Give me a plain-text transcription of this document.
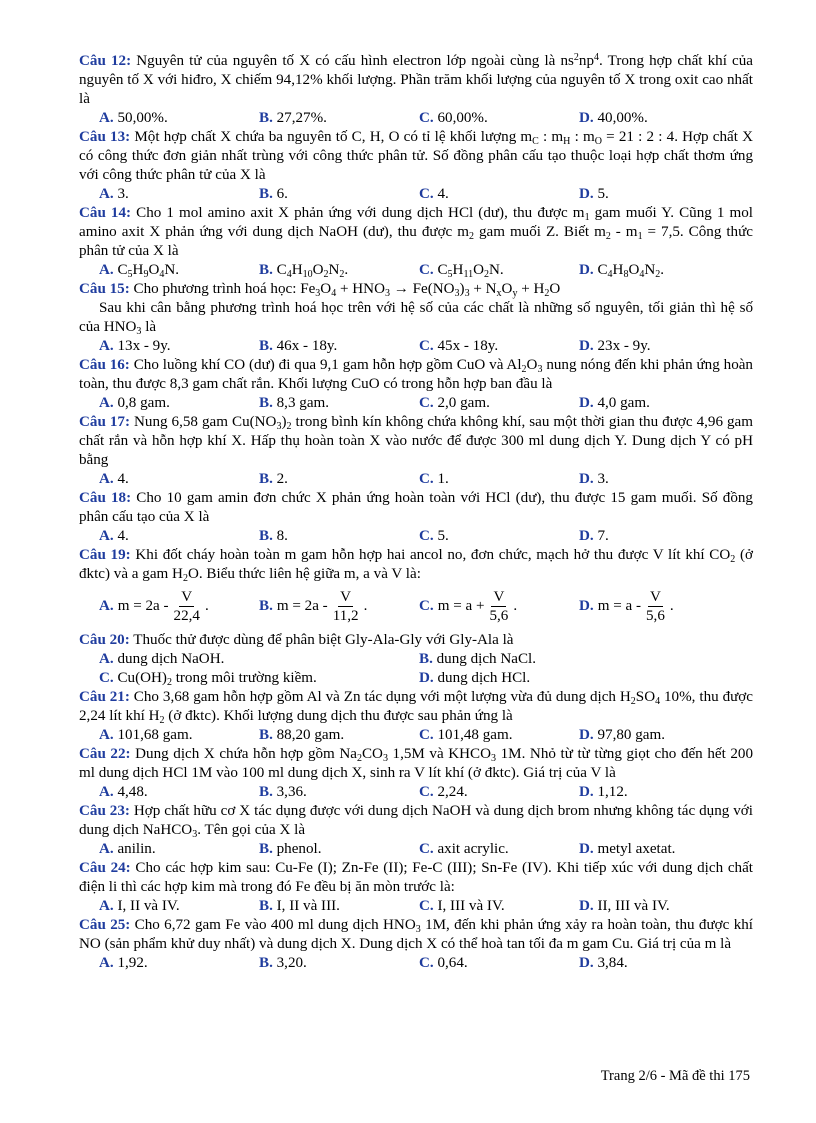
Câu 12: Nguyên tử của nguyên tố X có cấu hình electron lớp ngoài cùng là $ns^2np^4$. Trong hợp chất khí của nguyên tố X với hiđro, X chiếm 94,12% khối lượng. Phần trăm khối lượng của nguyên tố X trong oxit cao nhất là
A. 50,00%.	B. 27,27%.	C. 60,00%.	D. 40,00%.
Câu 13: Một hợp chất X chứa ba nguyên tố C, H, O có tỉ lệ khối lượng $m_C$ : $m_H$ : $m_O = 21$ : 2 : 4. Hợp chất X có công thức đơn giản nhất trùng với công thức phân tử. Số đồng phân cấu tạo thuộc loại hợp chất thơm ứng với công thức phân tử của X là
A. 3.	B. 6.	C. 4.	D. 5.
Câu 14: Cho 1 mol amino axit X phản ứng với dung dịch HCl (dư), thu được $m_1$ gam muối Y. Cũng 1 mol amino axit X phản ứng với dung dịch NaOH (dư), thu được $m_2$ gam muối Z. Biết $m_2 - m_1 = 7,5$. Công thức phân tử của X là
A. $C_5H_9O_4N$.	B. $C_4H_{10}O_2N_2$.	C. $C_5H_{11}O_2N$.	D. $C_4H_8O_4N_2$.
Câu 15: Cho phương trình hoá học: $Fe_3O_4 + HNO_3 \to Fe(NO_3)_3 + N_xO_y + H_2O$
Sau khi cân bằng phương trình hoá học trên với hệ số của các chất là những số nguyên, tối giản thì hệ số của $HNO_3$ là
A. 13x - 9y.	B. 46x - 18y.	C. 45x - 18y.	D. 23x - 9y.
Câu 16: Cho luồng khí CO (dư) đi qua 9,1 gam hỗn hợp gồm CuO và $Al_2O_3$ nung nóng đến khi phản ứng hoàn toàn, thu được 8,3 gam chất rắn. Khối lượng CuO có trong hỗn hợp ban đầu là
A. 0,8 gam.	B. 8,3 gam.	C. 2,0 gam.	D. 4,0 gam.
Câu 17: Nung 6,58 gam $Cu(NO_3)_2$ trong bình kín không chứa không khí, sau một thời gian thu được 4,96 gam chất rắn và hỗn hợp khí X. Hấp thụ hoàn toàn X vào nước để được 300 ml dung dịch Y. Dung dịch Y có pH bằng
A. 4.	B. 2.	C. 1.	D. 3.
Câu 18: Cho 10 gam amin đơn chức X phản ứng hoàn toàn với HCl (dư), thu được 15 gam muối. Số đồng phân cấu tạo của X là
A. 4.	B. 8.	C. 5.	D. 7.
Câu 19: Khi đốt cháy hoàn toàn m gam hỗn hợp hai ancol no, đơn chức, mạch hở thu được V lít khí $CO_2$ (ở đktc) và a gam $H_2O$. Biểu thức liên hệ giữa m, a và V là:
A. $m = 2a - \frac{V}{22,4}$ .	B. $m = 2a - \frac{V}{11,2}$ .	C. $m = a + \frac{V}{5,6}$ .	D. $m = a - \frac{V}{5,6}$ .
Câu 20: Thuốc thử được dùng để phân biệt Gly-Ala-Gly với Gly-Ala là
A. dung dịch NaOH.	B. dung dịch NaCl.
C. $Cu(OH)_2$ trong môi trường kiềm.	D. dung dịch HCl.
Câu 21: Cho 3,68 gam hỗn hợp gồm Al và Zn tác dụng với một lượng vừa đủ dung dịch $H_2SO_4$ 10%, thu được 2,24 lít khí $H_2$ (ở đktc). Khối lượng dung dịch thu được sau phản ứng là
A. 101,68 gam.	B. 88,20 gam.	C. 101,48 gam.	D. 97,80 gam.
Câu 22: Dung dịch X chứa hỗn hợp gồm $Na_2CO_3$ 1,5M và $KHCO_3$ 1M. Nhỏ từ từ từng giọt cho đến hết 200 ml dung dịch HCl 1M vào 100 ml dung dịch X, sinh ra V lít khí (ở đktc). Giá trị của V là
A. 4,48.	B. 3,36.	C. 2,24.	D. 1,12.
Câu 23: Hợp chất hữu cơ X tác dụng được với dung dịch NaOH và dung dịch brom nhưng không tác dụng với dung dịch NaHCO$_3$. Tên gọi của X là
A. anilin.	B. phenol.	C. axit acrylic.	D. metyl axetat.
Câu 24: Cho các hợp kim sau: Cu-Fe (I); Zn-Fe (II); Fe-C (III); Sn-Fe (IV). Khi tiếp xúc với dung dịch chất điện li thì các hợp kim mà trong đó Fe đều bị ăn mòn trước là:
A. I, II và IV.	B. I, II và III.	C. I, III và IV.	D. II, III và IV.
Câu 25: Cho 6,72 gam Fe vào 400 ml dung dịch $HNO_3$ 1M, đến khi phản ứng xảy ra hoàn toàn, thu được khí NO (sản phẩm khử duy nhất) và dung dịch X. Dung dịch X có thể hoà tan tối đa m gam Cu. Giá trị của m là
A. 1,92.	B. 3,20.	C. 0,64.	D. 3,84.
Trang 2/6 - Mã đề thi 175
